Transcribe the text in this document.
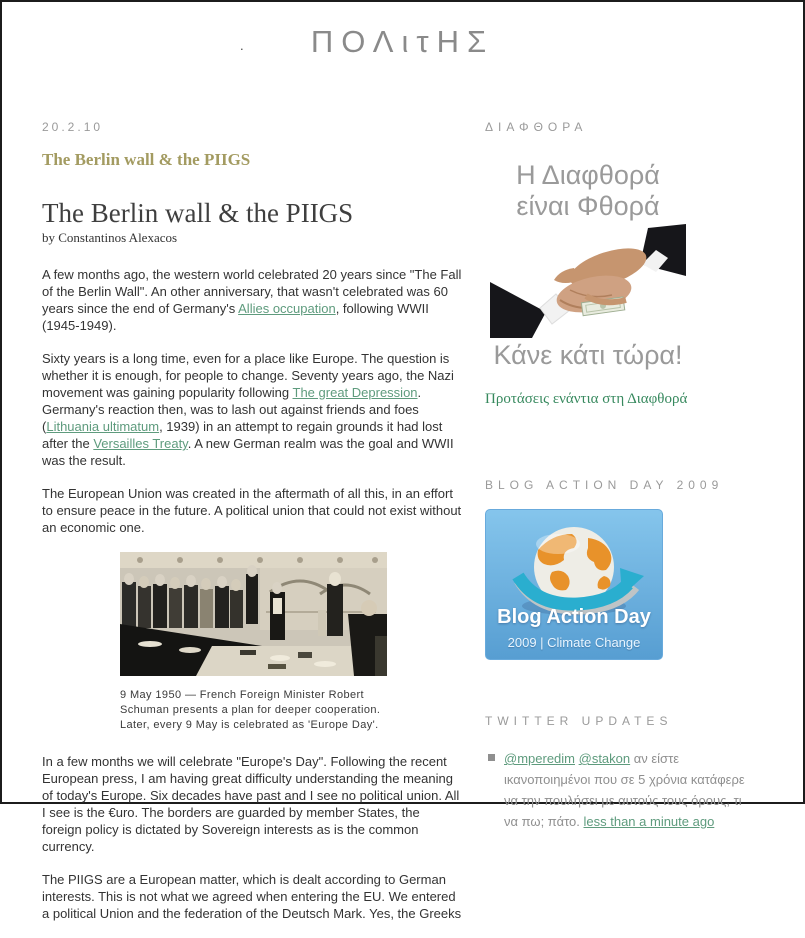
.	ΠΟΛιτΗΣ
20.2.10
The Berlin wall & the PIIGS
The Berlin wall & the PIIGS
by Constantinos Alexacos

A few months ago, the western world celebrated 20 years since "The Fall of the Berlin Wall". An other anniversary, that wasn't celebrated was 60 years since the end of Germany's Allies occupation, following WWII (1945-1949).

Sixty years is a long time, even for a place like Europe. The question is whether it is enough, for people to change. Seventy years ago, the Nazi movement was gaining popularity following The great Depression. Germany's reaction then, was to lash out against friends and foes (Lithuania ultimatum, 1939) in an attempt to regain grounds it had lost after the Versailles Treaty. A new German realm was the goal and WWII was the result.

The European Union was created in the aftermath of all this, in an effort to ensure peace in the future. A political union that could not exist without an economic one.

9 May 1950 — French Foreign Minister Robert Schuman presents a plan for deeper cooperation. Later, every 9 May is celebrated as 'Europe Day'.

In a few months we will celebrate "Europe's Day". Following the recent European press, I am having great difficulty understanding the meaning of today's Europe. Six decades have past and I see no political union. All I see is the €uro. The borders are guarded by member States, the foreign policy is dictated by Sovereign interests as is the common currency.

The PIIGS are a European matter, which is dealt according to German interests. This is not what we agreed when entering the EU. We entered a political Union and the federation of the Deutsch Mark. Yes, the Greeks

ΔΙΑΦΘΟΡΑ
Η Διαφθορά
είναι Φθορά
Κάνε κάτι τώρα!
Προτάσεις ενάντια στη Διαφθορά
BLOG ACTION DAY 2009
Blog Action Day
2009 | Climate Change
TWITTER UPDATES
@mperedim @stakon αν είστε ικανοποιημένοι που σε 5 χρόνια κατάφερε να την πουλήσει με αυτούς τους όρους, τι να πω; πάτο. less than a minute ago
